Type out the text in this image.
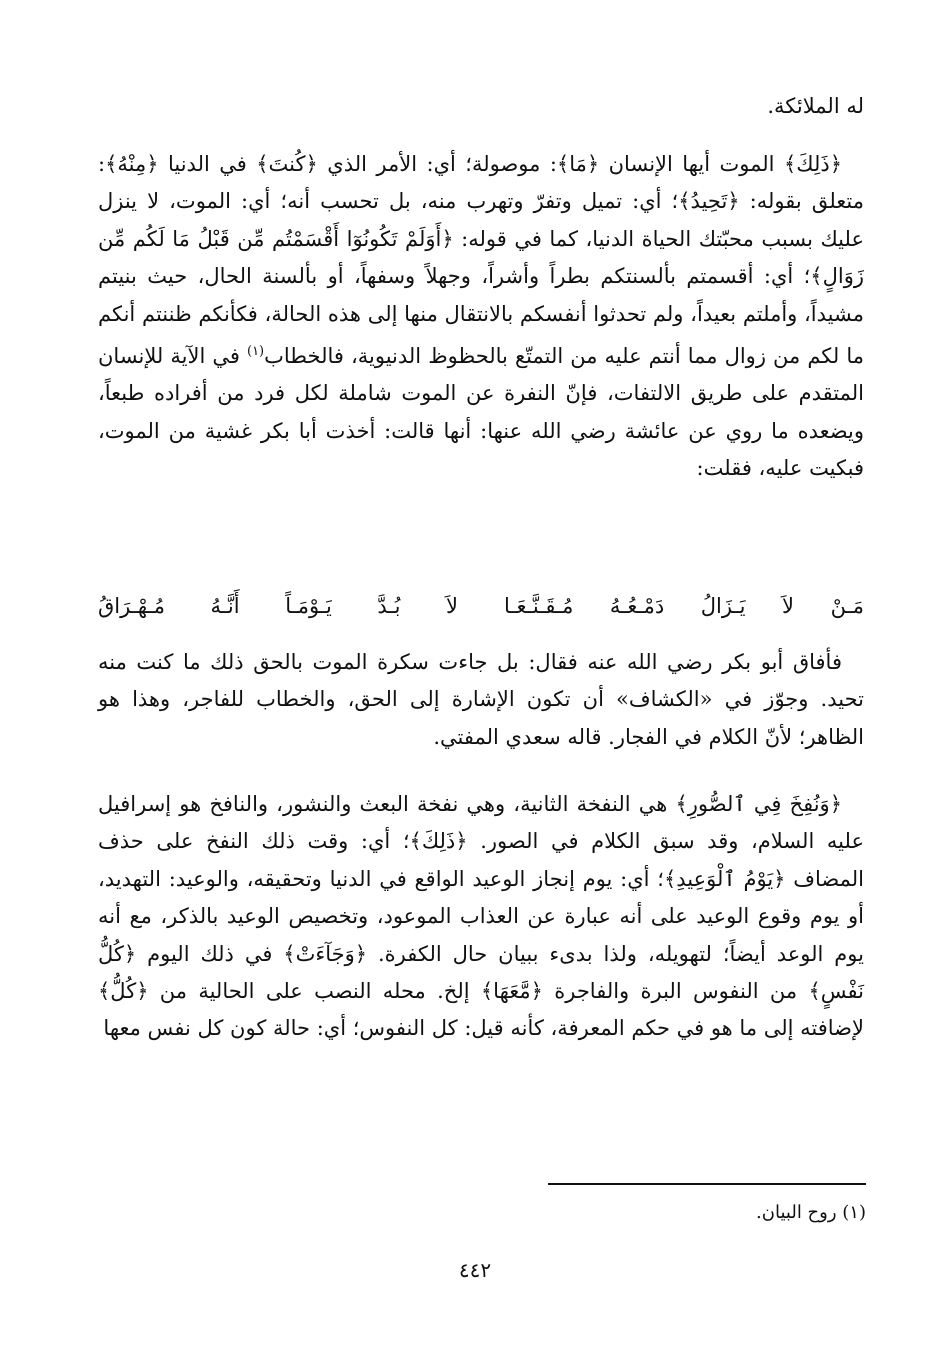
له الملائكة.
﴿ذَلِكَ﴾ الموت أيها الإنسان ﴿مَا﴾: موصولة؛ أي: الأمر الذي ﴿كُنتَ﴾ في الدنيا ﴿مِنْهُ﴾: متعلق بقوله: ﴿تَحِيدُ﴾؛ أي: تميل وتفرّ وتهرب منه، بل تحسب أنه؛ أي: الموت، لا ينزل عليك بسبب محبّتك الحياة الدنيا، كما في قوله: ﴿أَوَلَمْ تَكُونُوٓا أَقْسَمْتُم مِّن قَبْلُ مَا لَكُم مِّن زَوَالٍ﴾؛ أي: أقسمتم بألسنتكم بطراً وأشراً، وجهلاً وسفهاً، أو بألسنة الحال، حيث بنيتم مشيداً، وأملتم بعيداً، ولم تحدثوا أنفسكم بالانتقال منها إلى هذه الحالة، فكأنكم ظننتم أنكم ما لكم من زوال مما أنتم عليه من التمتّع بالحظوظ الدنيوية، فالخطاب$^{(١)}$ في الآية للإنسان المتقدم على طريق الالتفات، فإنّ النفرة عن الموت شاملة لكل فرد من أفراده طبعاً، ويضعده ما روي عن عائشة رضي الله عنها: أنها قالت: أخذت أبا بكر غشية من الموت، فبكيت عليه، فقلت:
مَـنْ لاَ يَـزَالُ دَمْـعُـهُ مُـقَـنَّـعَـا
لاَ بُـدَّ يَـوْمَـاً أَنَّـهُ مُـهْـرَاقُ
فأفاق أبو بكر رضي الله عنه فقال: بل جاءت سكرة الموت بالحق ذلك ما كنت منه تحيد. وجوّز في «الكشاف» أن تكون الإشارة إلى الحق، والخطاب للفاجر، وهذا هو الظاهر؛ لأنّ الكلام في الفجار. قاله سعدي المفتي.
﴿وَنُفِخَ فِي ٱلصُّورِ﴾ هي النفخة الثانية، وهي نفخة البعث والنشور، والنافخ هو إسرافيل عليه السلام، وقد سبق الكلام في الصور. ﴿ذَلِكَ﴾؛ أي: وقت ذلك النفخ على حذف المضاف ﴿يَوْمُ ٱلْوَعِيدِ﴾؛ أي: يوم إنجاز الوعيد الواقع في الدنيا وتحقيقه، والوعيد: التهديد، أو يوم وقوع الوعيد على أنه عبارة عن العذاب الموعود، وتخصيص الوعيد بالذكر، مع أنه يوم الوعد أيضاً؛ لتهويله، ولذا بدىء ببيان حال الكفرة. ﴿وَجَآءَتْ﴾ في ذلك اليوم ﴿كُلُّ نَفْسٍ﴾ من النفوس البرة والفاجرة ﴿مَّعَهَا﴾ إلخ. محله النصب على الحالية من ﴿كُلُّ﴾ لإضافته إلى ما هو في حكم المعرفة، كأنه قيل: كل النفوس؛ أي: حالة كون كل نفس معها
(١) روح البيان.
٤٤٢
